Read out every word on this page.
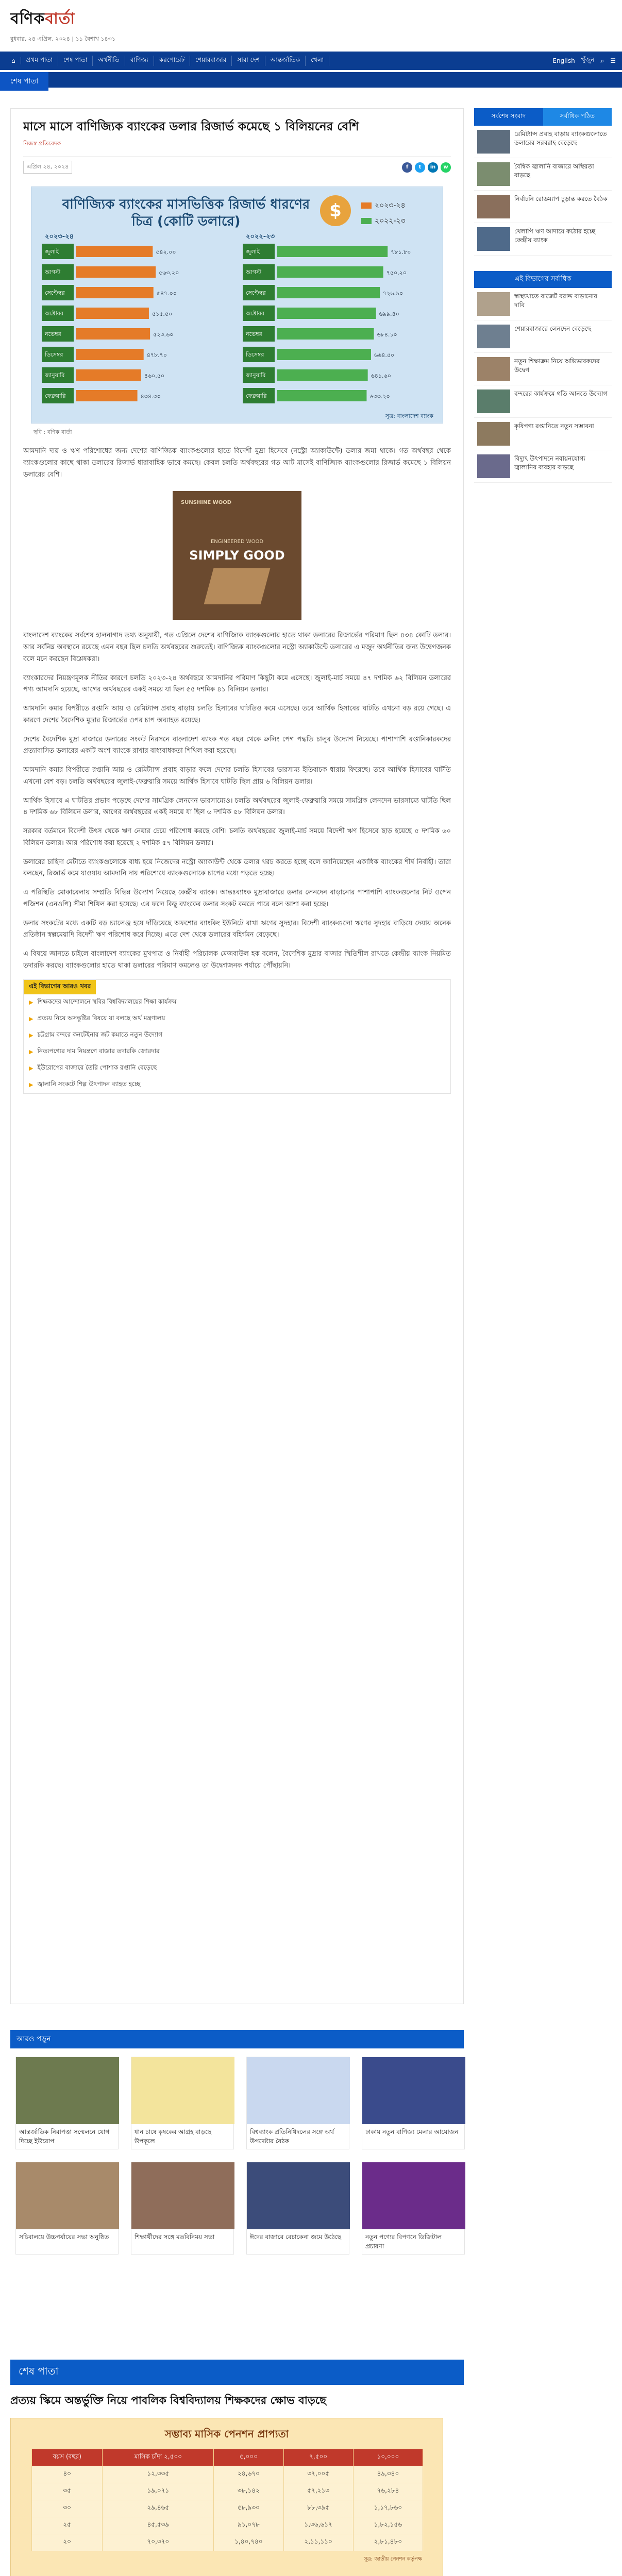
বণিকবার্তা
বুধবার, ২৪ এপ্রিল, ২০২৪ | ১১ বৈশাখ ১৪৩১
⌂	প্রথম পাতা	শেষ পাতা	অর্থনীতি	বাণিজ্য	করপোরেট	শেয়ারবাজার	সারা দেশ	আন্তর্জাতিক	খেলা	English খুঁজুন ⌕ ☰
শেষ পাতা
মাসে মাসে বাণিজ্যিক ব্যাংকের ডলার রিজার্ভ কমেছে ১ বিলিয়নের বেশি
নিজস্ব প্রতিবেদক
এপ্রিল ২৪, ২০২৪	f	t	in	w
বাণিজ্যিক ব্যাংকের মাসভিত্তিক রিজার্ভ ধারণের চিত্র (কোটি ডলারে)
$	২০২৩-২৪
২০২২-২৩
জুলাই	৫৪২.০০
আগস্ট	৫৬৩.২০
সেপ্টেম্বর	৫৪৭.০০
অক্টোবর	৫১৫.৫০
নভেম্বর	৫২৩.৬০
ডিসেম্বর	৪৭৮.৭০
জানুয়ারি	৪৬০.৫০
ফেব্রুয়ারি	৪৩৪.৩০
২০২৩-২৪
জুলাই	৭৮১.৮০
আগস্ট	৭৫০.২০
সেপ্টেম্বর	৭২৬.৯০
অক্টোবর	৬৯৯.৪০
নভেম্বর	৬৮৪.১০
ডিসেম্বর	৬৬৪.৫০
জানুয়ারি	৬৪১.৬০
ফেব্রুয়ারি	৬৩৩.২০
২০২২-২৩
সূত্র: বাংলাদেশ ব্যাংক
ছবি : বণিক বার্তা

আমদানি দায় ও ঋণ পরিশোধের জন্য দেশের বাণিজ্যিক ব্যাংকগুলোর হাতে বিদেশী মুদ্রা হিসেবে (নস্ট্রো অ্যাকাউন্টে) ডলার জমা থাকে। গত অর্থবছর থেকে ব্যাংকগুলোর কাছে থাকা ডলারের রিজার্ভ ধারাবাহিক ভাবে কমছে। কেবল চলতি অর্থবছরের গত আট মাসেই বাণিজ্যিক ব্যাংকগুলোর রিজার্ভ কমেছে ১ বিলিয়ন ডলারের বেশি।

SUNSHINE WOOD
ENGINEERED WOOD
SIMPLY GOOD

বাংলাদেশ ব্যাংকের সর্বশেষ হালনাগাদ তথ্য অনুযায়ী, গত এপ্রিলে দেশের বাণিজ্যিক ব্যাংকগুলোর হাতে থাকা ডলারের রিজার্ভের পরিমাণ ছিল ৪৩৪ কোটি ডলার। আর সর্বনিম্ন অবস্থানে রয়েছে এমন বছর ছিল চলতি অর্থবছরের শুরুতেই। বাণিজ্যিক ব্যাংকগুলোর নস্ট্রো অ্যাকাউন্টে ডলারের এ মজুদ অর্থনীতির জন্য উদ্বেগজনক বলে মনে করছেন বিশ্লেষকরা।

ব্যাংকারদের নিয়ন্ত্রণমূলক নীতির কারণে চলতি ২০২৩-২৪ অর্থবছরে আমদানির পরিমাণ কিছুটা কমে এসেছে। জুলাই-মার্চ সময়ে ৪৭ দশমিক ৬২ বিলিয়ন ডলারের পণ্য আমদানি হয়েছে, আগের অর্থবছরের একই সময়ে যা ছিল ৫৫ দশমিক ৪১ বিলিয়ন ডলার।

আমদানি কমার বিপরীতে রপ্তানি আয় ও রেমিট্যান্স প্রবাহ বাড়ায় চলতি হিসাবের ঘাটতিও কমে এসেছে। তবে আর্থিক হিসাবের ঘাটতি এখনো বড় রয়ে গেছে। এ কারণে দেশের বৈদেশিক মুদ্রার রিজার্ভের ওপর চাপ অব্যাহত রয়েছে।

দেশের বৈদেশিক মুদ্রা বাজারে ডলারের সংকট নিরসনে বাংলাদেশ ব্যাংক গত বছর থেকে ক্রলিং পেগ পদ্ধতি চালুর উদ্যোগ নিয়েছে। পাশাপাশি রপ্তানিকারকদের প্রত্যাবাসিত ডলারের একটি অংশ ব্যাংকে রাখার বাধ্যবাধকতা শিথিল করা হয়েছে।

আমদানি কমার বিপরীতে রপ্তানি আয় ও রেমিট্যান্স প্রবাহ বাড়ার ফলে দেশের চলতি হিসাবের ভারসাম্য ইতিবাচক ধারায় ফিরেছে। তবে আর্থিক হিসাবের ঘাটতি এখনো বেশ বড়। চলতি অর্থবছরের জুলাই-ফেব্রুয়ারি সময়ে আর্থিক হিসাবে ঘাটতি ছিল প্রায় ৬ বিলিয়ন ডলার।

আর্থিক হিসাবে এ ঘাটতির প্রভাব পড়েছে দেশের সামগ্রিক লেনদেন ভারসাম্যেও। চলতি অর্থবছরের জুলাই-ফেব্রুয়ারি সময়ে সামগ্রিক লেনদেন ভারসাম্যে ঘাটতি ছিল ৪ দশমিক ৬৮ বিলিয়ন ডলার, আগের অর্থবছরের একই সময়ে যা ছিল ৬ দশমিক ৫৮ বিলিয়ন ডলার।

সরকার বর্তমানে বিদেশী উৎস থেকে ঋণ নেয়ার চেয়ে পরিশোধ করছে বেশি। চলতি অর্থবছরের জুলাই-মার্চ সময়ে বিদেশী ঋণ হিসেবে ছাড় হয়েছে ৫ দশমিক ৬০ বিলিয়ন ডলার। আর পরিশোধ করা হয়েছে ২ দশমিক ৫৭ বিলিয়ন ডলার।

ডলারের চাহিদা মেটাতে ব্যাংকগুলোকে বাধ্য হয়ে নিজেদের নস্ট্রো অ্যাকাউন্ট থেকে ডলার খরচ করতে হচ্ছে বলে জানিয়েছেন একাধিক ব্যাংকের শীর্ষ নির্বাহী। তারা বলছেন, রিজার্ভ কমে যাওয়ায় আমদানি দায় পরিশোধে ব্যাংকগুলোকে চাপের মধ্যে পড়তে হচ্ছে।

এ পরিস্থিতি মোকাবেলায় সম্প্রতি বিভিন্ন উদ্যোগ নিয়েছে কেন্দ্রীয় ব্যাংক। আন্তঃব্যাংক মুদ্রাবাজারে ডলার লেনদেন বাড়ানোর পাশাপাশি ব্যাংকগুলোর নিট ওপেন পজিশন (এনওপি) সীমা শিথিল করা হয়েছে। এর ফলে কিছু ব্যাংকের ডলার সংকট কমতে পারে বলে আশা করা হচ্ছে।

ডলার সংকটের মধ্যে একটি বড় চ্যালেঞ্জ হয়ে দাঁড়িয়েছে অফশোর ব্যাংকিং ইউনিটে রাখা ঋণের সুদহার। বিদেশী ব্যাংকগুলো ঋণের সুদহার বাড়িয়ে দেয়ায় অনেক প্রতিষ্ঠান স্বল্পমেয়াদি বিদেশী ঋণ পরিশোধ করে দিচ্ছে। এতে দেশ থেকে ডলারের বহির্গমন বেড়েছে।

এ বিষয়ে জানতে চাইলে বাংলাদেশ ব্যাংকের মুখপাত্র ও নির্বাহী পরিচালক মেজবাউল হক বলেন, বৈদেশিক মুদ্রার বাজার স্থিতিশীল রাখতে কেন্দ্রীয় ব্যাংক নিয়মিত তদারকি করছে। ব্যাংকগুলোর হাতে থাকা ডলারের পরিমাণ কমলেও তা উদ্বেগজনক পর্যায়ে পৌঁছায়নি।

এই বিভাগের আরও খবর
▶ শিক্ষকদের আন্দোলনে স্থবির বিশ্ববিদ্যালয়ের শিক্ষা কার্যক্রম
▶ প্রত্যয় নিয়ে অসন্তুষ্টির বিষয়ে যা বলছে অর্থ মন্ত্রণালয়
▶ চট্টগ্রাম বন্দরে কনটেইনার জট কমাতে নতুন উদ্যোগ
▶ নিত্যপণ্যের দাম নিয়ন্ত্রণে বাজার তদারকি জোরদার
▶ ইউরোপের বাজারে তৈরি পোশাক রপ্তানি বেড়েছে
▶ জ্বালানি সংকটে শিল্প উৎপাদন ব্যাহত হচ্ছে
আরও পড়ুন
আন্তর্জাতিক নিরাপত্তা সম্মেলনে যোগ দিচ্ছে ইউরোপ
ধান চাষে কৃষকের আগ্রহ বাড়ছে উপকূলে
বিশ্বব্যাংক প্রতিনিধিদলের সঙ্গে অর্থ উপদেষ্টার বৈঠক
ঢাকায় নতুন বাণিজ্য মেলার আয়োজন
সচিবালয়ে উচ্চপর্যায়ের সভা অনুষ্ঠিত	শিক্ষার্থীদের সঙ্গে মতবিনিময় সভা	ঈদের বাজারে বেচাকেনা জমে উঠেছে	নতুন পণ্যের বিপণনে ডিজিটাল প্রচারণা
সর্বশেষ সংবাদ	সর্বাধিক পঠিত
রেমিট্যান্স প্রবাহ বাড়ায় ব্যাংকগুলোতে ডলারের সরবরাহ বেড়েছে
বৈশ্বিক জ্বালানি বাজারে অস্থিরতা বাড়ছে
নির্বাচনি রোডম্যাপ চূড়ান্ত করতে বৈঠক
খেলাপি ঋণ আদায়ে কঠোর হচ্ছে কেন্দ্রীয় ব্যাংক
এই বিভাগের সর্বাধিক
স্বাস্থ্যখাতে বাজেট বরাদ্দ বাড়ানোর দাবি
শেয়ারবাজারে লেনদেন বেড়েছে
নতুন শিক্ষাক্রম নিয়ে অভিভাবকদের উদ্বেগ
বন্দরের কার্যক্রমে গতি আনতে উদ্যোগ
কৃষিপণ্য রপ্তানিতে নতুন সম্ভাবনা
বিদ্যুৎ উৎপাদনে নবায়নযোগ্য জ্বালানির ব্যবহার বাড়ছে
শেষ পাতা
প্রত্যয় স্কিমে অন্তর্ভুক্তি নিয়ে পাবলিক বিশ্ববিদ্যালয় শিক্ষকদের ক্ষোভ বাড়ছে
সম্ভাব্য মাসিক পেনশন প্রাপ্যতা
বয়স (বছর)	মাসিক চাঁদা ২,৫০০	৫,০০০	৭,৫০০	১০,০০০
৪০	১২,৩৩৫	২৪,৬৭০	৩৭,০০৫	৪৯,৩৪০
৩৫	১৯,০৭১	৩৮,১৪২	৫৭,২১৩	৭৬,২৮৪
৩০	২৯,৪৬৫	৫৮,৯৩০	৮৮,৩৯৫	১,১৭,৮৬০
২৫	৪৫,৫৩৯	৯১,০৭৮	১,৩৬,৬১৭	১,৮২,১৫৬
২০	৭০,৩৭০	১,৪০,৭৪০	২,১১,১১০	২,৮১,৪৮০
সূত্র: জাতীয় পেনশন কর্তৃপক্ষ
